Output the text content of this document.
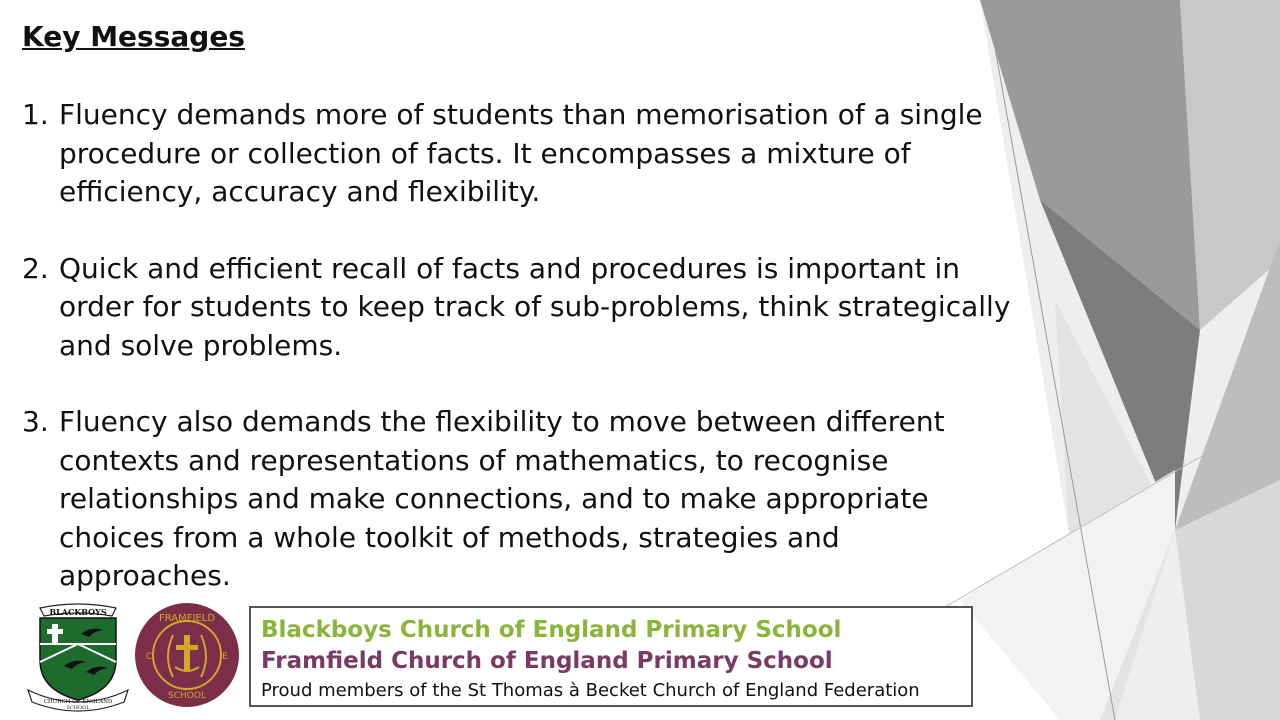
Key Messages
1. Fluency demands more of students than memorisation of a single procedure or collection of facts. It encompasses a mixture of efficiency, accuracy and flexibility.
2. Quick and efficient recall of facts and procedures is important in order for students to keep track of sub-problems, think strategically and solve problems.
3. Fluency also demands the flexibility to move between different contexts and representations of mathematics, to recognise relationships and make connections, and to make appropriate choices from a whole toolkit of methods, strategies and approaches.
BLACKBOYS
CHURCH OF ENGLAND
SCHOOL
FRAMFIELD
SCHOOL
C	E
Blackboys Church of England Primary School
Framfield Church of England Primary School
Proud members of the St Thomas à Becket Church of England Federation
